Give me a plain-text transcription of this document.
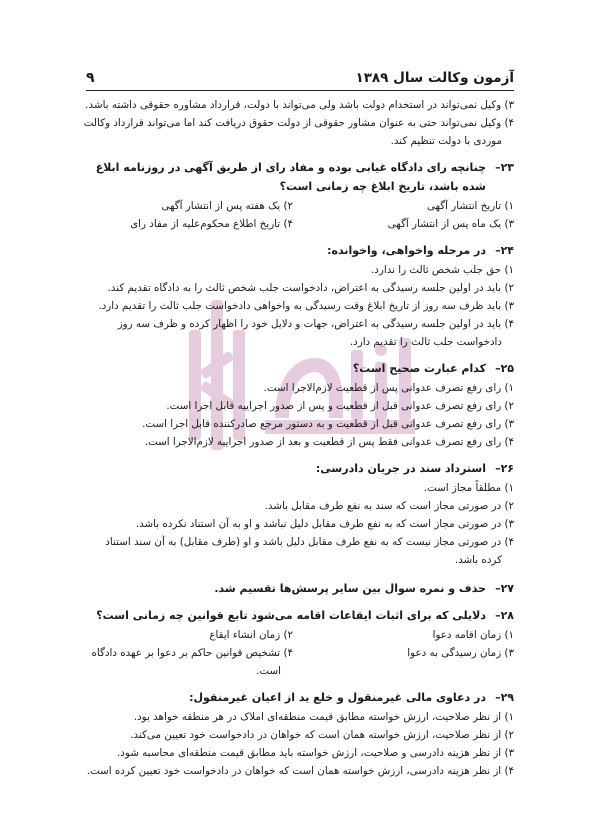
آزمون وکالت سال ۱۳۸۹
۹

۳) وکیل نمی‌تواند در استخدام دولت باشد ولی می‌تواند با دولت، قرارداد مشاوره حقوقی داشته باشد.

۴) وکیل نمی‌تواند حتی به عنوان مشاور حقوقی از دولت حقوق دریافت کند اما می‌تواند قرارداد وکالت موردی با دولت تنظیم کند.

۲۳–چنانچه رای دادگاه غیابی بوده و مفاد رای از طریق آگهی در روزنامه ابلاغ شده باشد، تاریخ ابلاغ چه زمانی است؟

۱) تاریخ انتشار آگهی

۲) یک هفته پس از انتشار آگهی

۳) یک ماه پس از انتشار آگهی

۴) تاریخ اطلاع محکوم‌علیه از مفاد رای

۲۴–در مرحله واخواهی، واخوانده:

۱) حق جلب شخص ثالث را ندارد.

۲) باید در اولین جلسه رسیدگی به اعتراض، دادخواست جلب شخص ثالث را به دادگاه تقدیم کند.

۳) باید ظرف سه روز از تاریخ ابلاغ وقت رسیدگی به واخواهی دادخواست جلب ثالث را تقدیم دارد.

۴) باید در اولین جلسه رسیدگی به اعتراض، جهات و دلایل خود را اظهار کرده و ظرف سه روز دادخواست جلب ثالث را تقدیم دارد.

۲۵–کدام عبارت صحیح است؟

۱) رای رفع تصرف عدوانی پس از قطعیت لازم‌الاجرا است.

۲) رای رفع تصرف عدوانی قبل از قطعیت و پس از صدور اجراییه قابل اجرا است.

۳) رای رفع تصرف عدوانی قبل از قطعیت و به دستور مرجع صادرکننده قابل اجرا است.

۴) رای رفع تصرف عدوانی فقط پس از قطعیت و بعد از صدور اجراییه لازم‌الاجرا است.

۲۶–استرداد سند در جریان دادرسی:

۱) مطلقاً مجاز است.

۲) در صورتی مجاز است که سند به نفع طرف مقابل باشد.

۳) در صورتی مجاز است که به نفع طرف مقابل دلیل نباشد و او به آن استناد نکرده باشد.

۴) در صورتی مجاز نیست که به نفع طرف مقابل دلیل باشد و او (طرف مقابل) به آن سند استناد کرده باشد.

۲۷–حذف و نمره سوال بین سایر پرسش‌ها تقسیم شد.
۲۸–دلایلی که برای اثبات ایقاعات اقامه می‌شود تابع قوانین چه زمانی است؟

۱) زمان اقامه دعوا

۲) زمان انشاء ایقاع

۳) زمان رسیدگی به دعوا

۴) تشخیص قوانین حاکم بر دعوا بر عهده دادگاه است.

۲۹–در دعاوی مالی غیرمنقول و خلع ید از اعیان غیرمنقول:

۱) از نظر صلاحیت، ارزش خواسته مطابق قیمت منطقه‌ای املاک در هر منطقه خواهد بود.

۲) از نظر صلاحیت، ارزش خواسته همان است که خواهان در دادخواست خود تعیین می‌کند.

۳) از نظر هزینه دادرسی و صلاحیت، ارزش خواسته باید مطابق قیمت منطقه‌ای محاسبه شود.

۴) از نظر هزینه دادرسی، ارزش خواسته همان است که خواهان در دادخواست خود تعیین کرده است.
